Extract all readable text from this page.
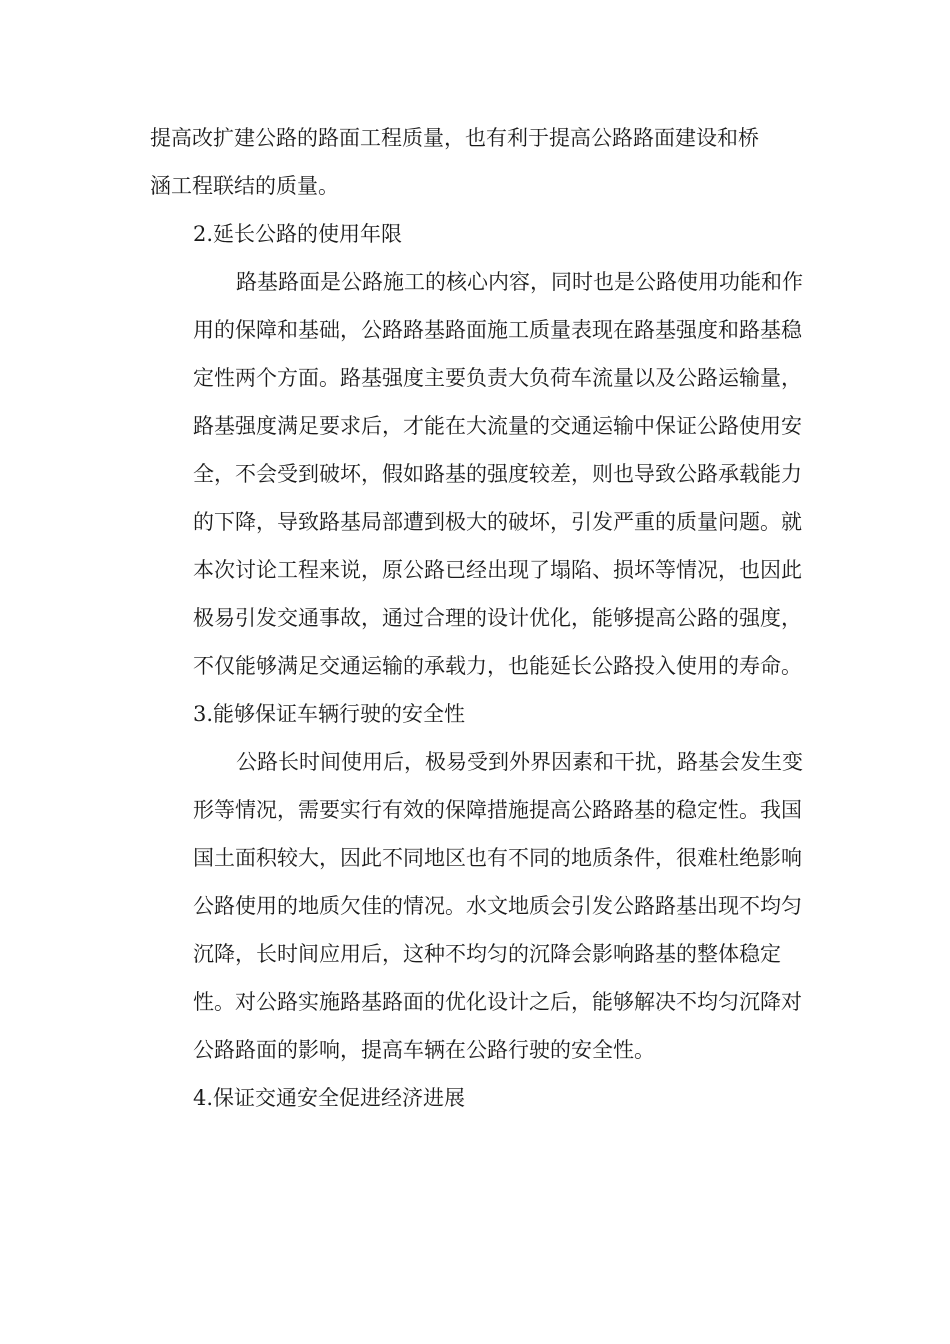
提高改扩建公路的路面工程质量，也有利于提高公路路面建设和桥
涵工程联结的质量。

2.延长公路的使用年限

路基路面是公路施工的核心内容，同时也是公路使用功能和作
用的保障和基础，公路路基路面施工质量表现在路基强度和路基稳
定性两个方面。路基强度主要负责大负荷车流量以及公路运输量，
路基强度满足要求后，才能在大流量的交通运输中保证公路使用安
全，不会受到破坏，假如路基的强度较差，则也导致公路承载能力
的下降，导致路基局部遭到极大的破坏，引发严重的质量问题。就
本次讨论工程来说，原公路已经出现了塌陷、损坏等情况，也因此
极易引发交通事故，通过合理的设计优化，能够提高公路的强度，
不仅能够满足交通运输的承载力，也能延长公路投入使用的寿命。

3.能够保证车辆行驶的安全性

公路长时间使用后，极易受到外界因素和干扰，路基会发生变
形等情况，需要实行有效的保障措施提高公路路基的稳定性。我国
国土面积较大，因此不同地区也有不同的地质条件，很难杜绝影响
公路使用的地质欠佳的情况。水文地质会引发公路路基出现不均匀
沉降，长时间应用后，这种不均匀的沉降会影响路基的整体稳定
性。对公路实施路基路面的优化设计之后，能够解决不均匀沉降对
公路路面的影响，提高车辆在公路行驶的安全性。

4.保证交通安全促进经济进展
